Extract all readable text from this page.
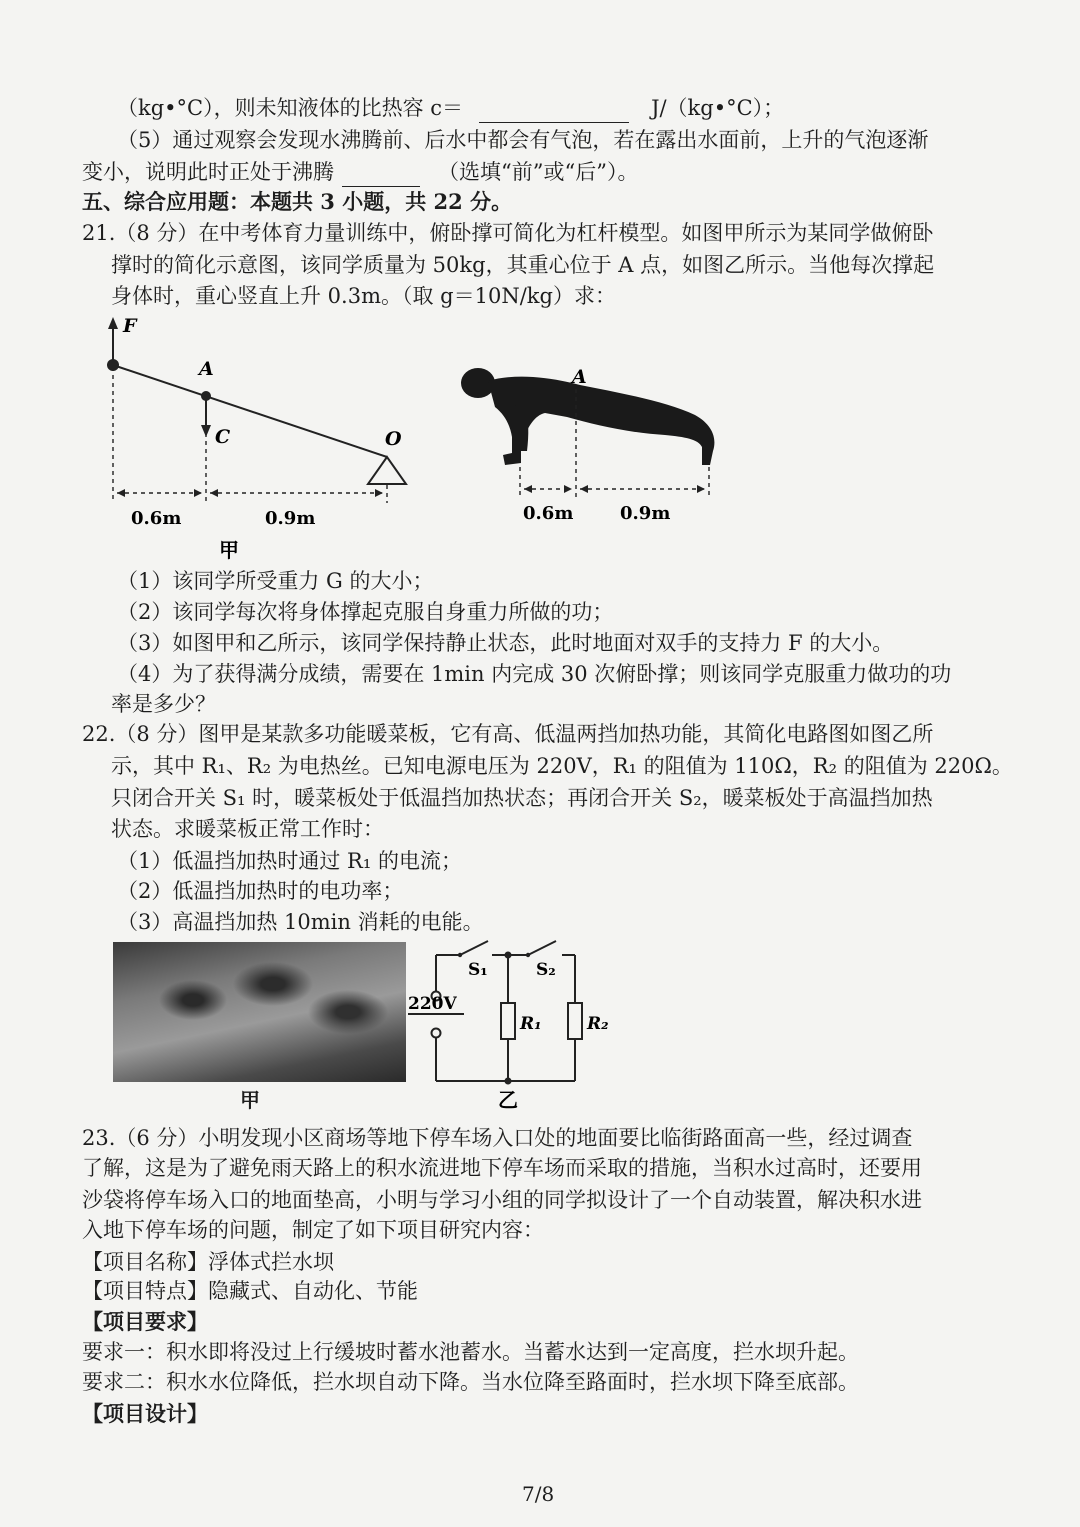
（kg•°C），则未知液体的比热容 c＝	J/（kg•°C）；
（5）通过观察会发现水沸腾前、后水中都会有气泡，若在露出水面前，上升的气泡逐渐
变小，说明此时正处于沸腾	（选填“前”或“后”）。
五、综合应用题：本题共 3 小题，共 22 分。
21.（8 分）在中考体育力量训练中，俯卧撑可简化为杠杆模型。如图甲所示为某同学做俯卧
撑时的简化示意图，该同学质量为 50kg，其重心位于 A 点，如图乙所示。当他每次撑起
身体时，重心竖直上升 0.3m。（取 g＝10N/kg）求：
F
A
C	O
0.6m	0.9m
甲
A
0.6m	0.9m
（1）该同学所受重力 G 的大小；
（2）该同学每次将身体撑起克服自身重力所做的功；
（3）如图甲和乙所示，该同学保持静止状态，此时地面对双手的支持力 F 的大小。
（4）为了获得满分成绩，需要在 1min 内完成 30 次俯卧撑；则该同学克服重力做功的功
率是多少？
22.（8 分）图甲是某款多功能暖菜板，它有高、低温两挡加热功能，其简化电路图如图乙所
示，其中 R₁、R₂ 为电热丝。已知电源电压为 220V，R₁ 的阻值为 110Ω，R₂ 的阻值为 220Ω。
只闭合开关 S₁ 时，暖菜板处于低温挡加热状态；再闭合开关 S₂，暖菜板处于高温挡加热
状态。求暖菜板正常工作时：
（1）低温挡加热时通过 R₁ 的电流；
（2）低温挡加热时的电功率；
（3）高温挡加热 10min 消耗的电能。
甲
S₁	S₂
220V
R₁	R₂
乙
23.（6 分）小明发现小区商场等地下停车场入口处的地面要比临街路面高一些，经过调查
了解，这是为了避免雨天路上的积水流进地下停车场而采取的措施，当积水过高时，还要用
沙袋将停车场入口的地面垫高，小明与学习小组的同学拟设计了一个自动装置，解决积水进
入地下停车场的问题，制定了如下项目研究内容：
【项目名称】浮体式拦水坝
【项目特点】隐藏式、自动化、节能
【项目要求】
要求一：积水即将没过上行缓坡时蓄水池蓄水。当蓄水达到一定高度，拦水坝升起。
要求二：积水水位降低，拦水坝自动下降。当水位降至路面时，拦水坝下降至底部。
【项目设计】
7/8
